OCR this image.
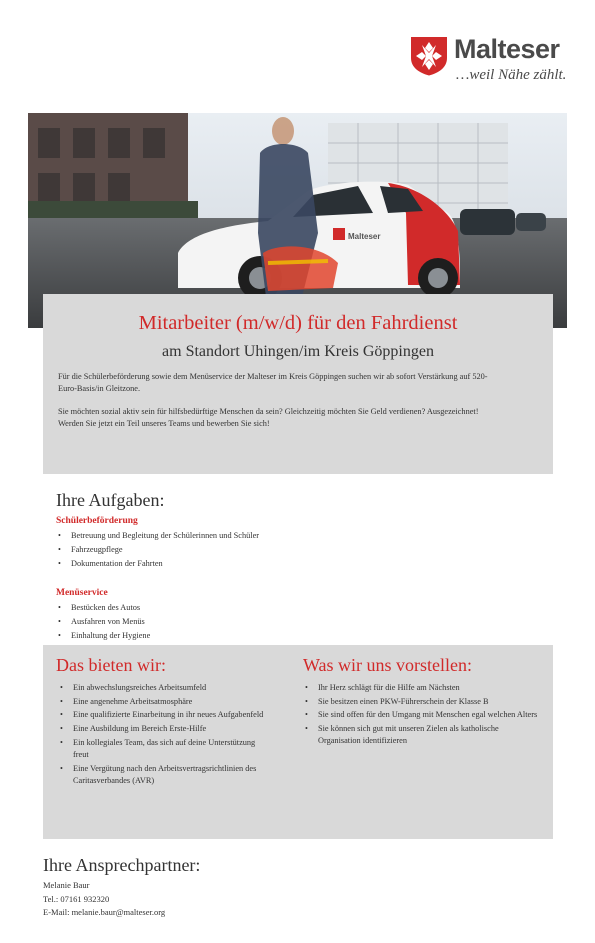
Malteser
…weil Nähe zählt.
Malteser
Mitarbeiter (m/w/d) für den Fahrdienst
am Standort Uhingen/im Kreis Göppingen

Für die Schülerbeförderung sowie dem Menüservice der Malteser im Kreis Göppingen suchen wir ab sofort Verstärkung auf 520-Euro-Basis/in Gleitzone.

Sie möchten sozial aktiv sein für hilfsbedürftige Menschen da sein? Gleichzeitig möchten Sie Geld verdienen? Ausgezeichnet! Werden Sie jetzt ein Teil unseres Teams und bewerben Sie sich!

Ihre Aufgaben:
Schülerbeförderung
• Betreuung und Begleitung der Schülerinnen und Schüler
• Fahrzeugpflege
• Dokumentation der Fahrten
Menüservice
• Bestücken des Autos
• Ausfahren von Menüs
• Einhaltung der Hygiene
Das bieten wir:
• Ein abwechslungsreiches Arbeitsumfeld
• Eine angenehme Arbeitsatmosphäre
• Eine qualifizierte Einarbeitung in ihr neues Aufgabenfeld
• Eine Ausbildung im Bereich Erste-Hilfe
• Ein kollegiales Team, das sich auf deine Unterstützung freut
• Eine Vergütung nach den Arbeitsvertragsrichtlinien des Caritasverbandes (AVR)
Was wir uns vorstellen:
• Ihr Herz schlägt für die Hilfe am Nächsten
• Sie besitzen einen PKW-Führerschein der Klasse B
• Sie sind offen für den Umgang mit Menschen egal welchen Alters
• Sie können sich gut mit unseren Zielen als katholische Organisation identifizieren
Ihre Ansprechpartner:
Melanie Baur
Tel.: 07161 932320
E-Mail: melanie.baur@malteser.org
